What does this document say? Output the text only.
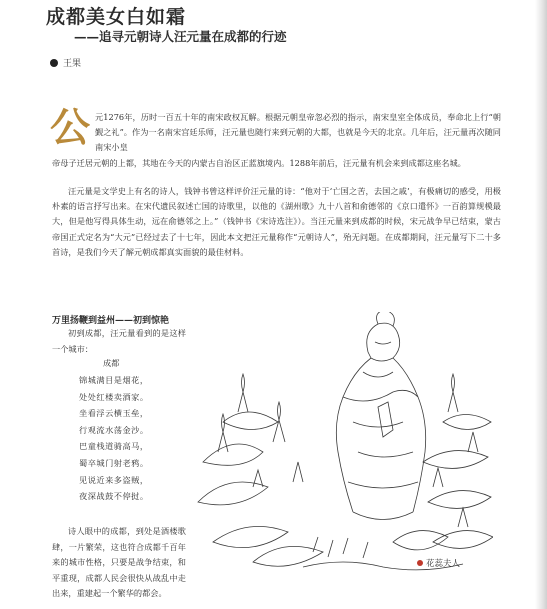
成都美女白如霜
——追寻元朝诗人汪元量在成都的行迹
王果
公 元1276年，历时一百五十年的南宋政权瓦解。根据元朝皇帝忽必烈的指示，南宋皇室全体成员，奉命北上行“朝觐之礼”。作为一名南宋宫廷乐师，汪元量也随行来到元朝的大都，也就是今天的北京。几年后，汪元量再次随同南宋小皇

帝母子迁居元朝的上都，其地在今天的内蒙古自治区正蓝旗境内。1288年前后，汪元量有机会来到成都这座名城。

汪元量是文学史上有名的诗人，钱钟书曾这样评价汪元量的诗：“他对于‘亡国之苦，去国之戚’，有极痛切的感受，用极朴素的语言抒写出来。在宋代遗民叙述亡国的诗歌里，以他的《湖州歌》九十八首和俞德邻的《京口遣怀》一百韵算规模最大，但是他写得具体生动，远在俞德邻之上。”（钱钟书《宋诗选注》）。当汪元量来到成都的时候，宋元战争早已结束，蒙古帝国正式定名为“大元”已经过去了十七年，因此本文把汪元量称作“元朝诗人”，殆无问题。在成都期间，汪元量写下二十多首诗，是我们今天了解元朝成都真实面貌的最佳材料。

万里扬鞭到益州——初到惊艳

初到成都，汪元量看到的是这样一个城市：

成都
锦城满目是烟花，
处处红楼卖酒家。
坐看浮云横玉垒，
行观流水荡金沙。
巴童栈道骑高马，
蜀卒城门射老鸦。
见说近来多盗贼，
夜深战鼓不停挝。

诗人眼中的成都，到处是酒楼歌肆，一片繁荣，这也符合成都千百年来的城市性格，只要是战争结束，和平重现，成都人民会很快从战乱中走出来，重建起一个繁华的都会。

花蕊夫人
